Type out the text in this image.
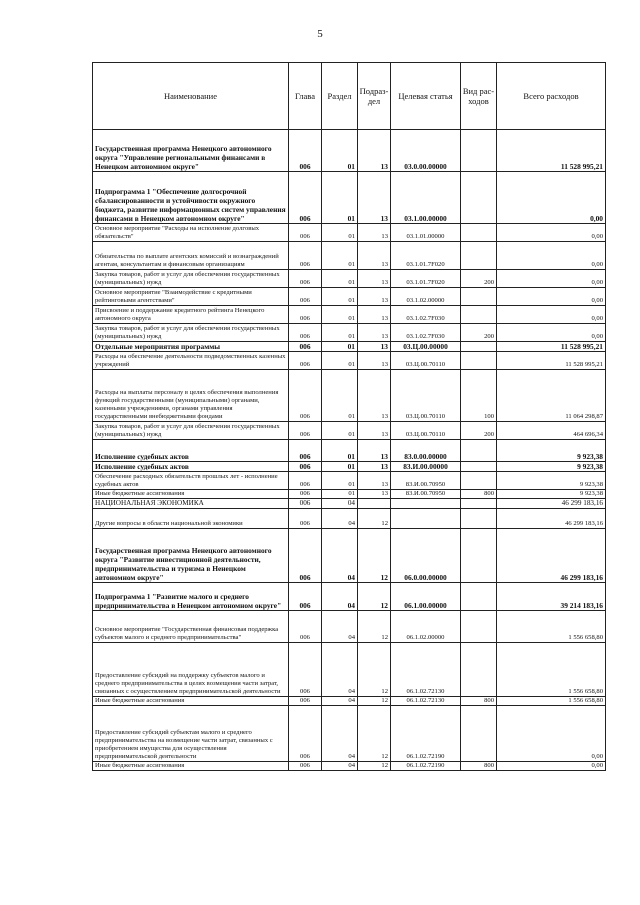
5
Наименование	Глава	Раздел	Подраз-дел	Целевая статья	Вид рас-ходов	Всего расходов
Государственная программа Ненецкого автономного округа "Управление региональными финансами в Ненецком автономном округе"	006	01	13	03.0.00.00000		11 528 995,21
Подпрограмма 1 "Обеспечение долгосрочной сбалансированности и устойчивости окружного бюджета, развитие информационных систем управления финансами в Ненецком автономном округе"	006	01	13	03.1.00.00000		0,00
Основное мероприятие "Расходы на исполнение долговых обязательств"	006	01	13	03.1.01.00000		0,00
Обязательства по выплате агентских комиссий и вознаграждений агентам, консультантам и финансовым организациям	006	01	13	03.1.01.7F020		0,00
Закупка товаров, работ и услуг для обеспечения государственных (муниципальных) нужд	006	01	13	03.1.01.7F020	200	0,00
Основное мероприятие "Взаимодействие с кредитными рейтинговыми агентствами"	006	01	13	03.1.02.00000		0,00
Присвоение и поддержание кредитного рейтинга Ненецкого автономного округа	006	01	13	03.1.02.7F030		0,00
Закупка товаров, работ и услуг для обеспечения государственных (муниципальных) нужд	006	01	13	03.1.02.7F030	200	0,00
Отдельные мероприятия программы	006	01	13	03.Ц.00.00000		11 528 995,21
Расходы на обеспечение деятельности подведомственных казенных учреждений	006	01	13	03.Ц.00.70110		11 528 995,21
Расходы на выплаты персоналу в целях обеспечения выполнения функций государственными (муниципальными) органами, казенными учреждениями, органами управления государственными внебюджетными фондами	006	01	13	03.Ц.00.70110	100	11 064 298,87
Закупка товаров, работ и услуг для обеспечения государственных (муниципальных) нужд	006	01	13	03.Ц.00.70110	200	464 696,34
Исполнение судебных актов	006	01	13	83.0.00.00000		9 923,38
Исполнение судебных актов	006	01	13	83.И.00.00000		9 923,38
Обеспечение расходных обязательств прошлых лет - исполнение судебных актов	006	01	13	83.И.00.70950		9 923,38
Иные бюджетные ассигнования	006	01	13	83.И.00.70950	800	9 923,38
НАЦИОНАЛЬНАЯ ЭКОНОМИКА	006	04				46 299 183,16
Другие вопросы в области национальной экономики	006	04	12			46 299 183,16
Государственная программа Ненецкого автономного округа "Развитие инвестиционной деятельности, предпринимательства и туризма в Ненецком автономном округе"	006	04	12	06.0.00.00000		46 299 183,16
Подпрограмма 1 "Развитие малого и среднего предпринимательства в Ненецком автономном округе"	006	04	12	06.1.00.00000		39 214 183,16
Основное мероприятие "Государственная финансовая поддержка субъектов малого и среднего предпринимательства"	006	04	12	06.1.02.00000		1 556 658,80
Предоставление субсидий на поддержку субъектов малого и среднего предпринимательства в целях возмещения части затрат, связанных с осуществлением предпринимательской деятельности	006	04	12	06.1.02.72130		1 556 658,80
Иные бюджетные ассигнования	006	04	12	06.1.02.72130	800	1 556 658,80
Предоставление субсидий субъектам малого и среднего предпринимательства на возмещение части затрат, связанных с приобретением имущества для осуществления предпринимательской деятельности	006	04	12	06.1.02.72190		0,00
Иные бюджетные ассигнования	006	04	12	06.1.02.72190	800	0,00
